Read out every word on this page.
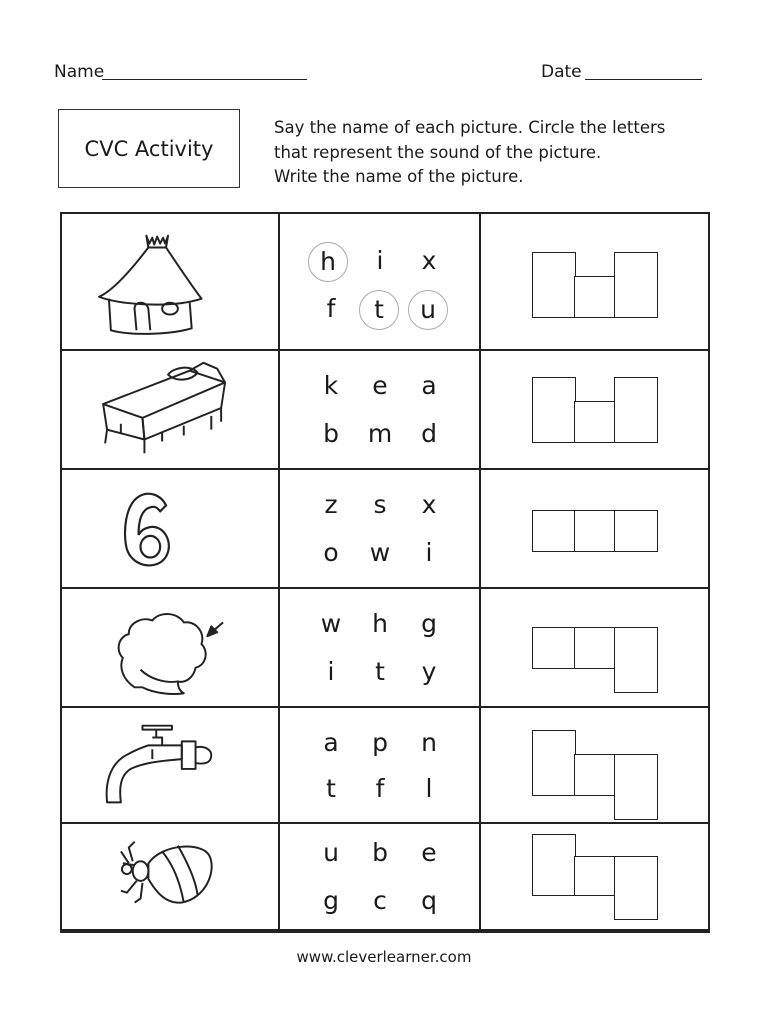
Name	Date
CVC Activity
Say the name of each picture. Circle the letters
that represent the sound of the picture.
Write the name of the picture.
h	i	x
f	t	u
k	e	a
b	m	d
z	s	x
o	w	i
w	h	g
i	t	y
a	p	n
t	f	l
u	b	e
g	c	q
www.cleverlearner.com
